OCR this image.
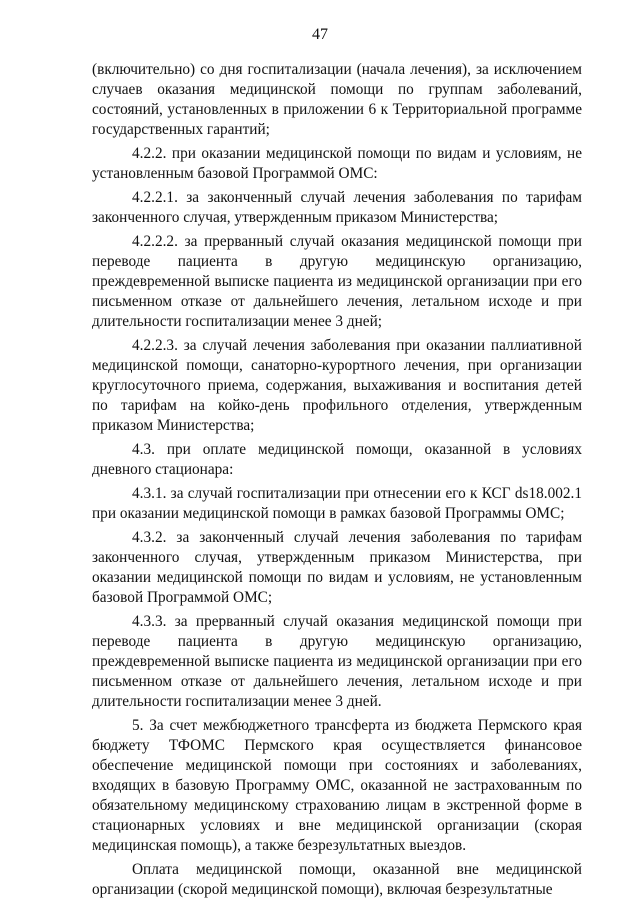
47

(включительно) со дня госпитализации (начала лечения), за исключением случаев оказания медицинской помощи по группам заболеваний, состояний, установленных в приложении 6 к Территориальной программе государственных гарантий;

4.2.2. при оказании медицинской помощи по видам и условиям, не установленным базовой Программой ОМС:

4.2.2.1. за законченный случай лечения заболевания по тарифам законченного случая, утвержденным приказом Министерства;

4.2.2.2. за прерванный случай оказания медицинской помощи при переводе пациента в другую медицинскую организацию, преждевременной выписке пациента из медицинской организации при его письменном отказе от дальнейшего лечения, летальном исходе и при длительности госпитализации менее 3 дней;

4.2.2.3. за случай лечения заболевания при оказании паллиативной медицинской помощи, санаторно-курортного лечения, при организации круглосуточного приема, содержания, выхаживания и воспитания детей по тарифам на койко-день профильного отделения, утвержденным приказом Министерства;

4.3. при оплате медицинской помощи, оказанной в условиях дневного стационара:

4.3.1. за случай госпитализации при отнесении его к КСГ ds18.002.1 при оказании медицинской помощи в рамках базовой Программы ОМС;

4.3.2. за законченный случай лечения заболевания по тарифам законченного случая, утвержденным приказом Министерства, при оказании медицинской помощи по видам и условиям, не установленным базовой Программой ОМС;

4.3.3. за прерванный случай оказания медицинской помощи при переводе пациента в другую медицинскую организацию, преждевременной выписке пациента из медицинской организации при его письменном отказе от дальнейшего лечения, летальном исходе и при длительности госпитализации менее 3 дней.

5. За счет межбюджетного трансферта из бюджета Пермского края бюджету ТФОМС Пермского края осуществляется финансовое обеспечение медицинской помощи при состояниях и заболеваниях, входящих в базовую Программу ОМС, оказанной не застрахованным по обязательному медицинскому страхованию лицам в экстренной форме в стационарных условиях и вне медицинской организации (скорая медицинская помощь), а также безрезультатных выездов.

Оплата медицинской помощи, оказанной вне медицинской организации (скорой медицинской помощи), включая безрезультатные
